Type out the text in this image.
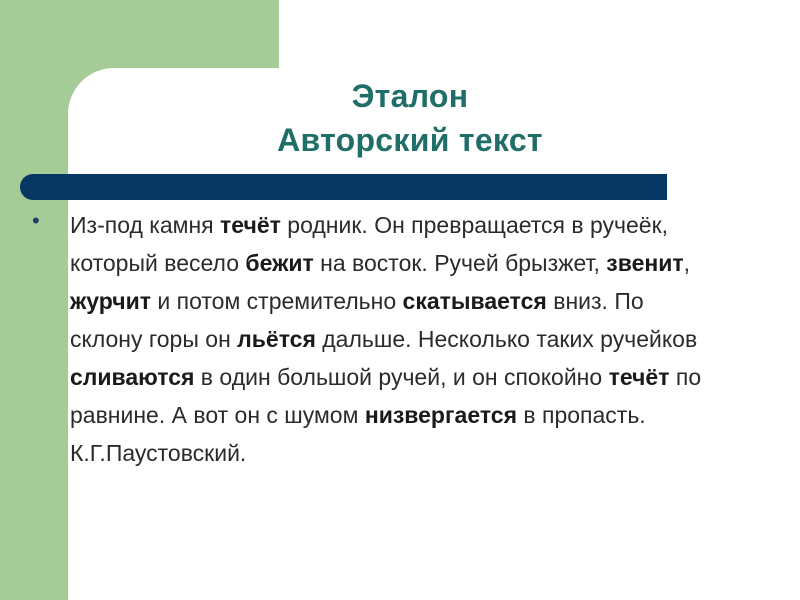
Эталон
Авторский текст
• Из-под камня течёт родник. Он превращается в ручеёк, который весело бежит на восток. Ручей брызжет, звенит, журчит и потом стремительно скатывается вниз. По склону горы он льётся дальше. Несколько таких ручейков сливаются в один большой ручей, и он спокойно течёт по равнине. А вот он с шумом низвергается в пропасть.
К.Г.Паустовский.
